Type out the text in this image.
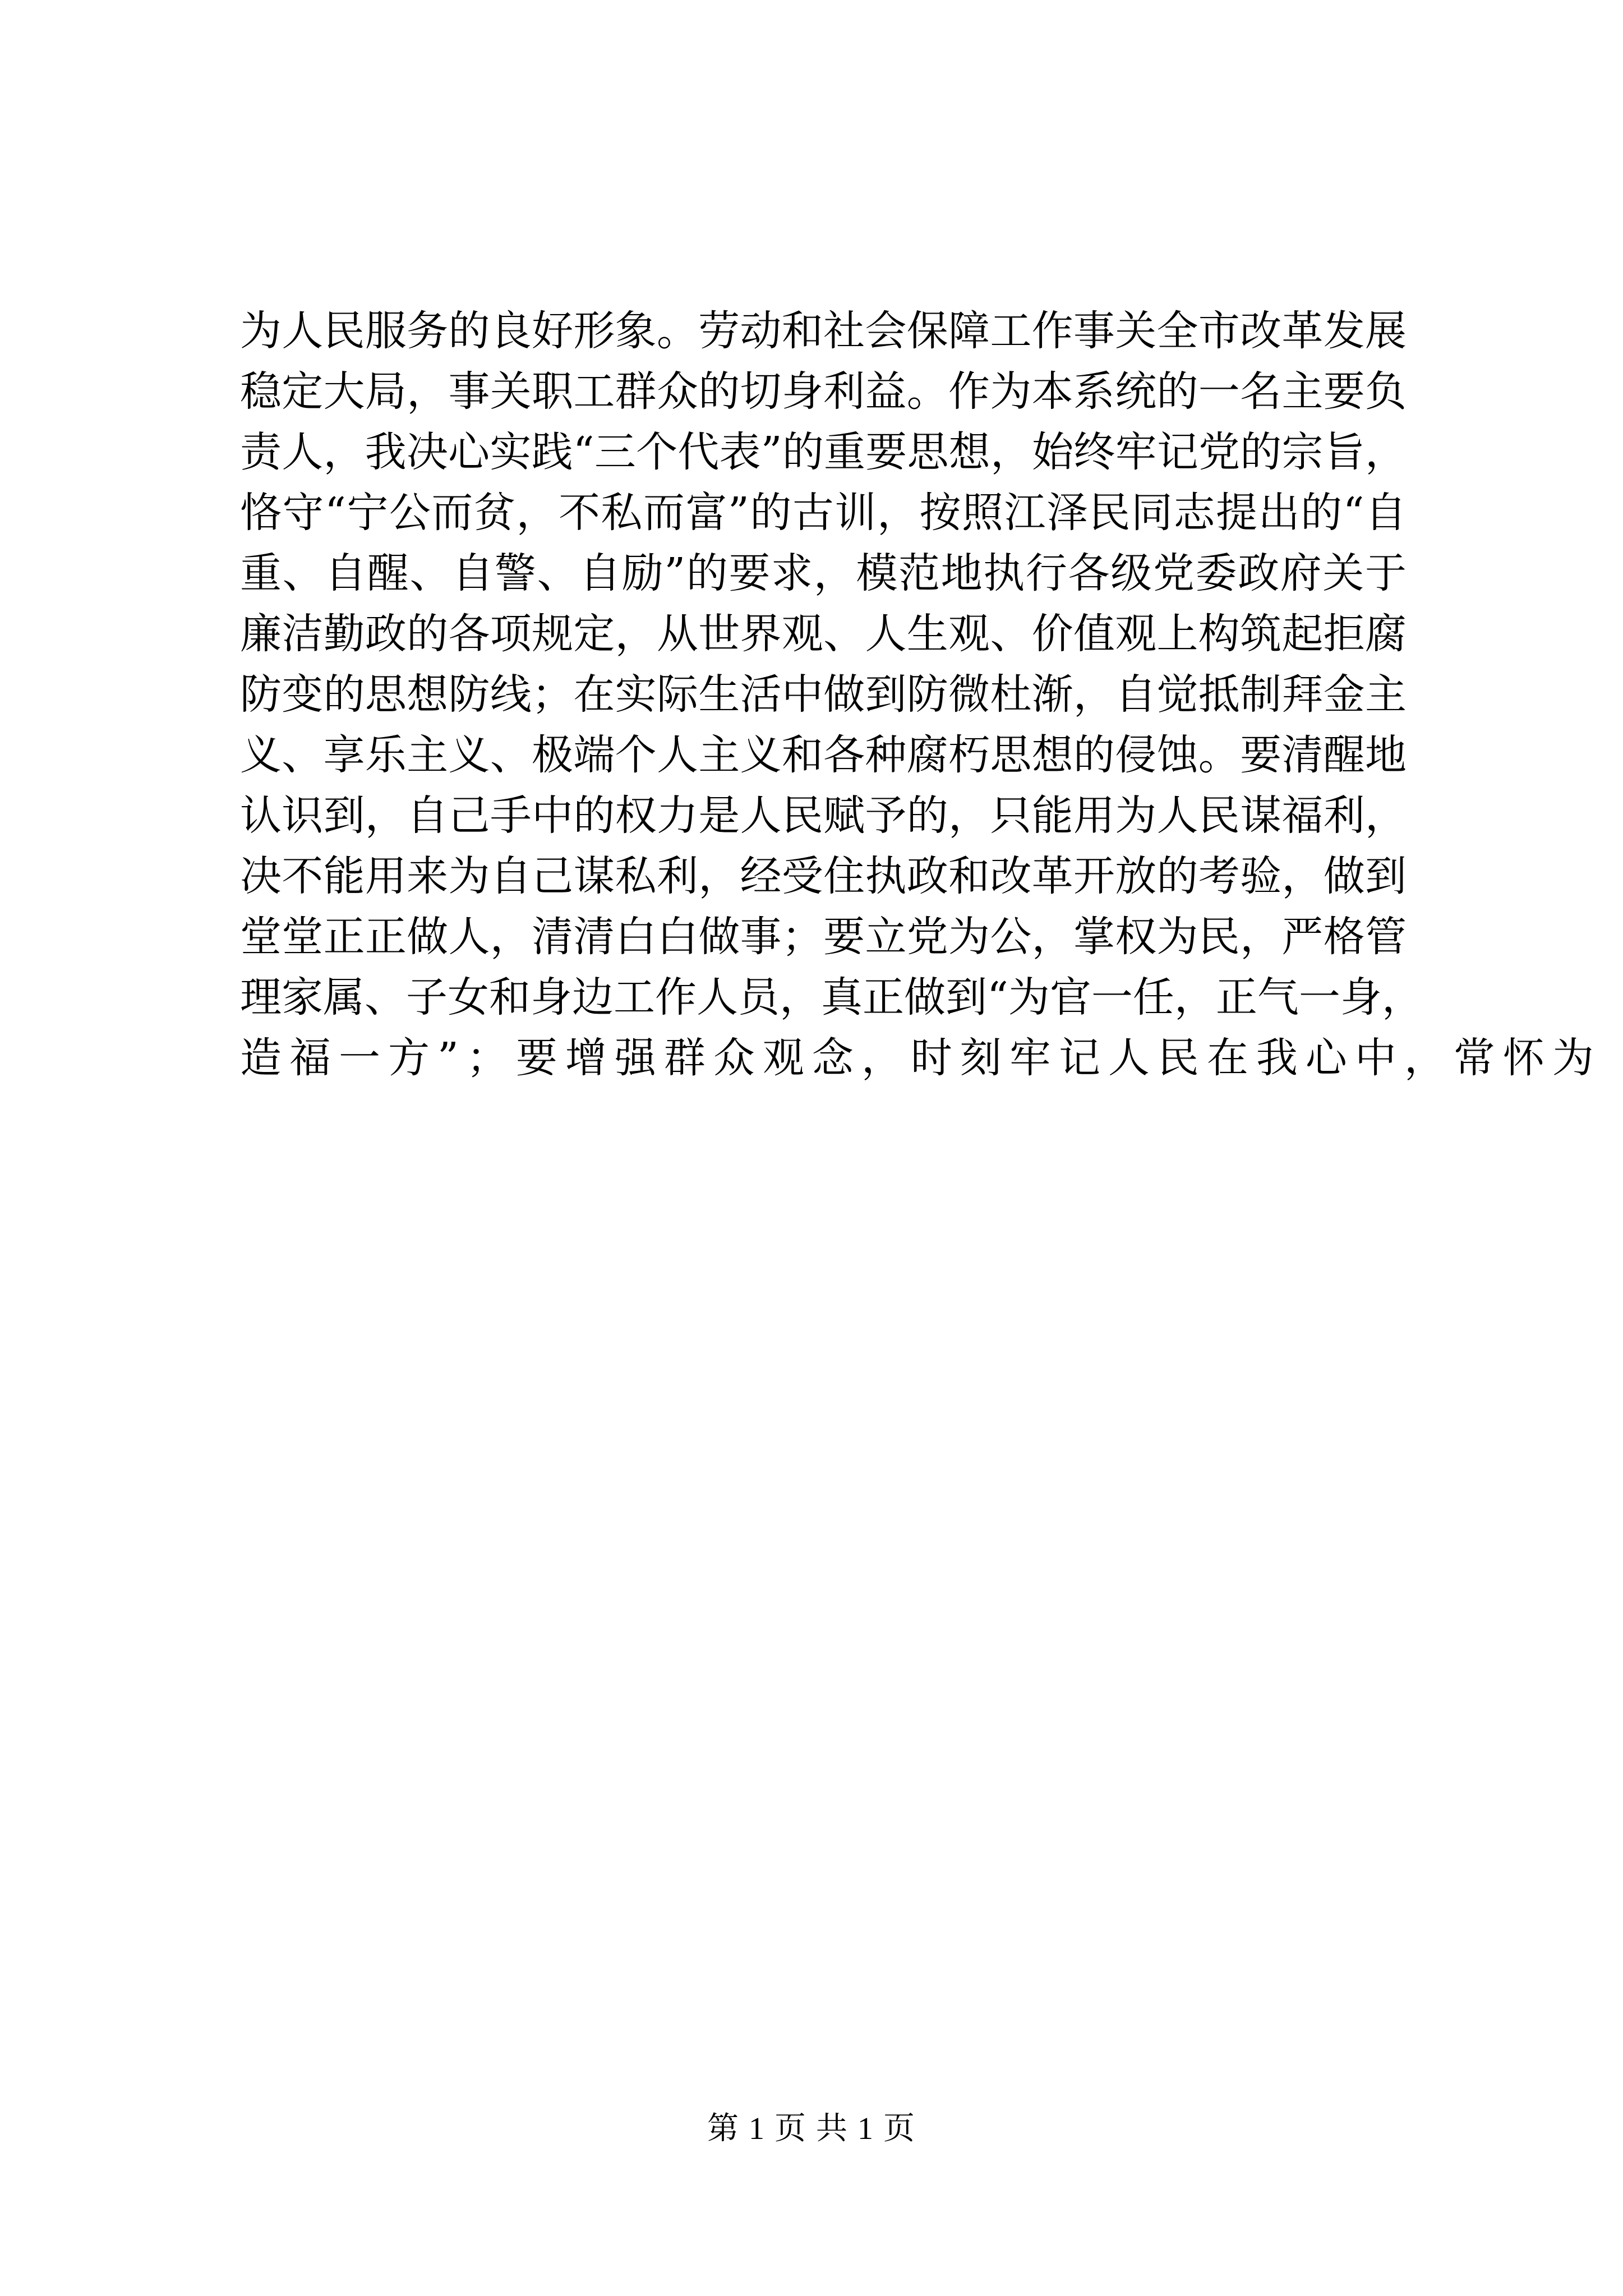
为人民服务的良好形象。劳动和社会保障工作事关全市改革发展
稳定大局，事关职工群众的切身利益。作为本系统的一名主要负
责人，我决心实践“三个代表”的重要思想，始终牢记党的宗旨，
恪守“宁公而贫，不私而富”的古训，按照江泽民同志提出的“自
重、自醒、自警、自励”的要求，模范地执行各级党委政府关于
廉洁勤政的各项规定，从世界观、人生观、价值观上构筑起拒腐
防变的思想防线；在实际生活中做到防微杜渐，自觉抵制拜金主
义、享乐主义、极端个人主义和各种腐朽思想的侵蚀。要清醒地
认识到，自己手中的权力是人民赋予的，只能用为人民谋福利，
决不能用来为自己谋私利，经受住执政和改革开放的考验，做到
堂堂正正做人，清清白白做事；要立党为公，掌权为民，严格管
理家属、子女和身边工作人员，真正做到“为官一任，正气一身，
造福一方”；要增强群众观念，时刻牢记人民在我心中，常怀为
第 1 页 共 1 页
